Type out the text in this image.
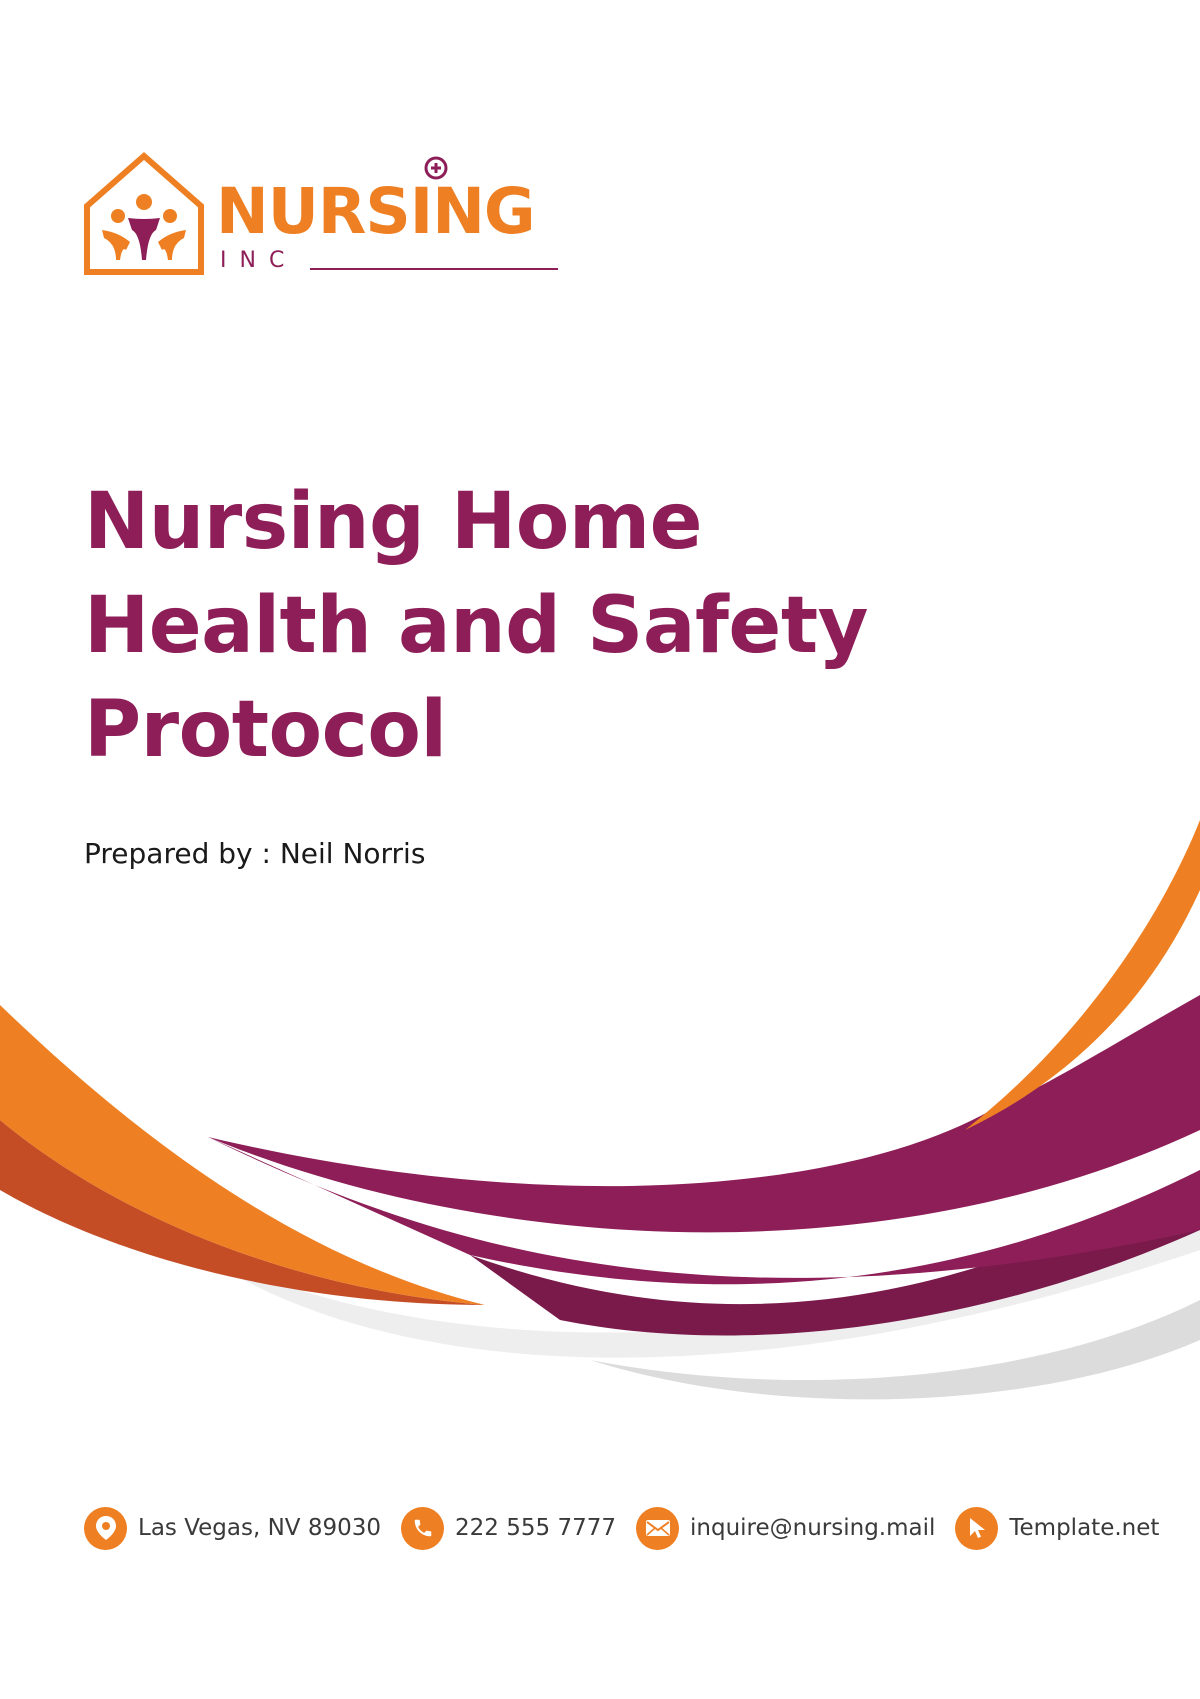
NURSING
INC
Nursing Home
Health and Safety
Protocol
Prepared by : Neil Norris
Las Vegas, NV 89030	222 555 7777	inquire@nursing.mail	Template.net
